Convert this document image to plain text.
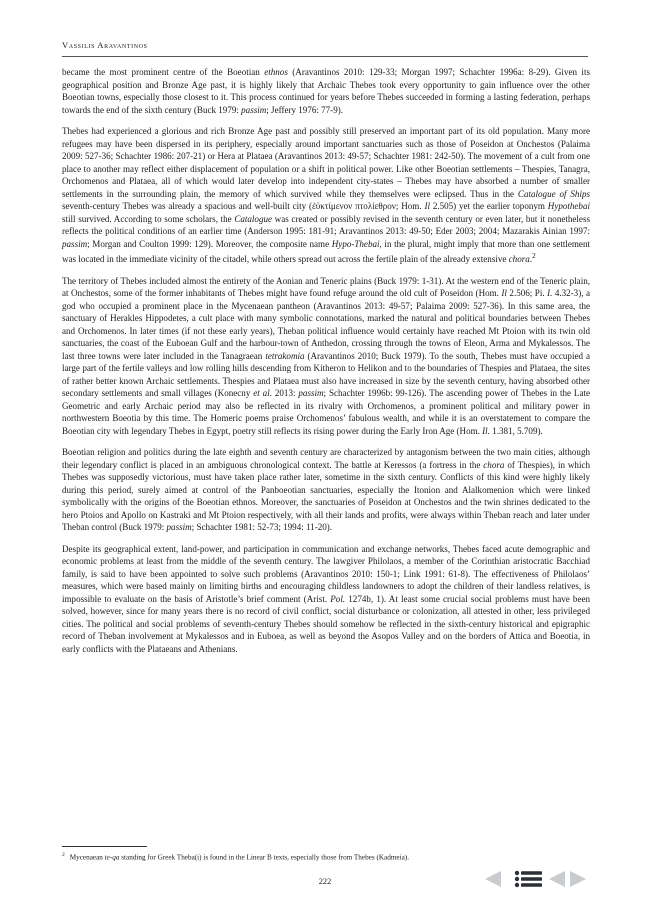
Vassilis Aravantinos

became the most prominent centre of the Boeotian ethnos (Aravantinos 2010: 129-33; Morgan 1997; Schachter 1996a: 8-29). Given its geographical position and Bronze Age past, it is highly likely that Archaic Thebes took every opportunity to gain influence over the other Boeotian towns, especially those closest to it. This process continued for years before Thebes succeeded in forming a lasting federation, perhaps towards the end of the sixth century (Buck 1979: passim; Jeffery 1976: 77-9).

Thebes had experienced a glorious and rich Bronze Age past and possibly still preserved an important part of its old population. Many more refugees may have been dispersed in its periphery, especially around important sanctuaries such as those of Poseidon at Onchestos (Palaima 2009: 527-36; Schachter 1986: 207-21) or Hera at Plataea (Aravantinos 2013: 49-57; Schachter 1981: 242-50). The movement of a cult from one place to another may reflect either displacement of population or a shift in political power. Like other Boeotian settlements – Thespies, Tanagra, Orchomenos and Plataea, all of which would later develop into independent city-states – Thebes may have absorbed a number of smaller settlements in the surrounding plain, the memory of which survived while they themselves were eclipsed. Thus in the Catalogue of Ships seventh-century Thebes was already a spacious and well-built city (ἐϋκτίμενον πτολίεθρον; Hom. Il 2.505) yet the earlier toponym Hypothebai still survived. According to some scholars, the Catalogue was created or possibly revised in the seventh century or even later, but it nonetheless reflects the political conditions of an earlier time (Anderson 1995: 181-91; Aravantinos 2013: 49-50; Eder 2003; 2004; Mazarakis Ainian 1997: passim; Morgan and Coulton 1999: 129). Moreover, the composite name Hypo-Thebai, in the plural, might imply that more than one settlement was located in the immediate vicinity of the citadel, while others spread out across the fertile plain of the already extensive chora.$^2$

The territory of Thebes included almost the entirety of the Aonian and Teneric plains (Buck 1979: 1-31). At the western end of the Teneric plain, at Onchestos, some of the former inhabitants of Thebes might have found refuge around the old cult of Poseidon (Hom. Il 2.506; Pi. I. 4.32-3), a god who occupied a prominent place in the Mycenaean pantheon (Aravantinos 2013: 49-57; Palaima 2009: 527-36). In this same area, the sanctuary of Herakles Hippodetes, a cult place with many symbolic connotations, marked the natural and political boundaries between Thebes and Orchomenos. In later times (if not these early years), Theban political influence would certainly have reached Mt Ptoion with its twin old sanctuaries, the coast of the Euboean Gulf and the harbour-town of Anthedon, crossing through the towns of Eleon, Arma and Mykalessos. The last three towns were later included in the Tanagraean tetrakomia (Aravantinos 2010; Buck 1979). To the south, Thebes must have occupied a large part of the fertile valleys and low rolling hills descending from Kitheron to Helikon and to the boundaries of Thespies and Plataea, the sites of rather better known Archaic settlements. Thespies and Plataea must also have increased in size by the seventh century, having absorbed other secondary settlements and small villages (Konecny et al. 2013: passim; Schachter 1996b: 99-126). The ascending power of Thebes in the Late Geometric and early Archaic period may also be reflected in its rivalry with Orchomenos, a prominent political and military power in northwestern Boeotia by this time. The Homeric poems praise Orchomenos’ fabulous wealth, and while it is an overstatement to compare the Boeotian city with legendary Thebes in Egypt, poetry still reflects its rising power during the Early Iron Age (Hom. Il. 1.381, 5.709).

Boeotian religion and politics during the late eighth and seventh century are characterized by antagonism between the two main cities, although their legendary conflict is placed in an ambiguous chronological context. The battle at Keressos (a fortress in the chora of Thespies), in which Thebes was supposedly victorious, must have taken place rather later, sometime in the sixth century. Conflicts of this kind were highly likely during this period, surely aimed at control of the Panboeotian sanctuaries, especially the Itonion and Alalkomenion which were linked symbolically with the origins of the Boeotian ethnos. Moreover, the sanctuaries of Poseidon at Onchestos and the twin shrines dedicated to the hero Ptoios and Apollo on Kastraki and Mt Ptoion respectively, with all their lands and profits, were always within Theban reach and later under Theban control (Buck 1979: passim; Schachter 1981: 52-73; 1994: 11-20).

Despite its geographical extent, land-power, and participation in communication and exchange networks, Thebes faced acute demographic and economic problems at least from the middle of the seventh century. The lawgiver Philolaos, a member of the Corinthian aristocratic Bacchiad family, is said to have been appointed to solve such problems (Aravantinos 2010: 150-1; Link 1991: 61-8). The effectiveness of Philolaos’ measures, which were based mainly on limiting births and encouraging childless landowners to adopt the children of their landless relatives, is impossible to evaluate on the basis of Aristotle’s brief comment (Arist. Pol. 1274b, 1). At least some crucial social problems must have been solved, however, since for many years there is no record of civil conflict, social disturbance or colonization, all attested in other, less privileged cities. The political and social problems of seventh-century Thebes should somehow be reflected in the sixth-century historical and epigraphic record of Theban involvement at Mykalessos and in Euboea, as well as beyond the Asopos Valley and on the borders of Attica and Boeotia, in early conflicts with the Plataeans and Athenians.

$^2$ Mycenaean te-qa standing for Greek Theba(i) is found in the Linear B texts, especially those from Thebes (Kadmeia).
222
